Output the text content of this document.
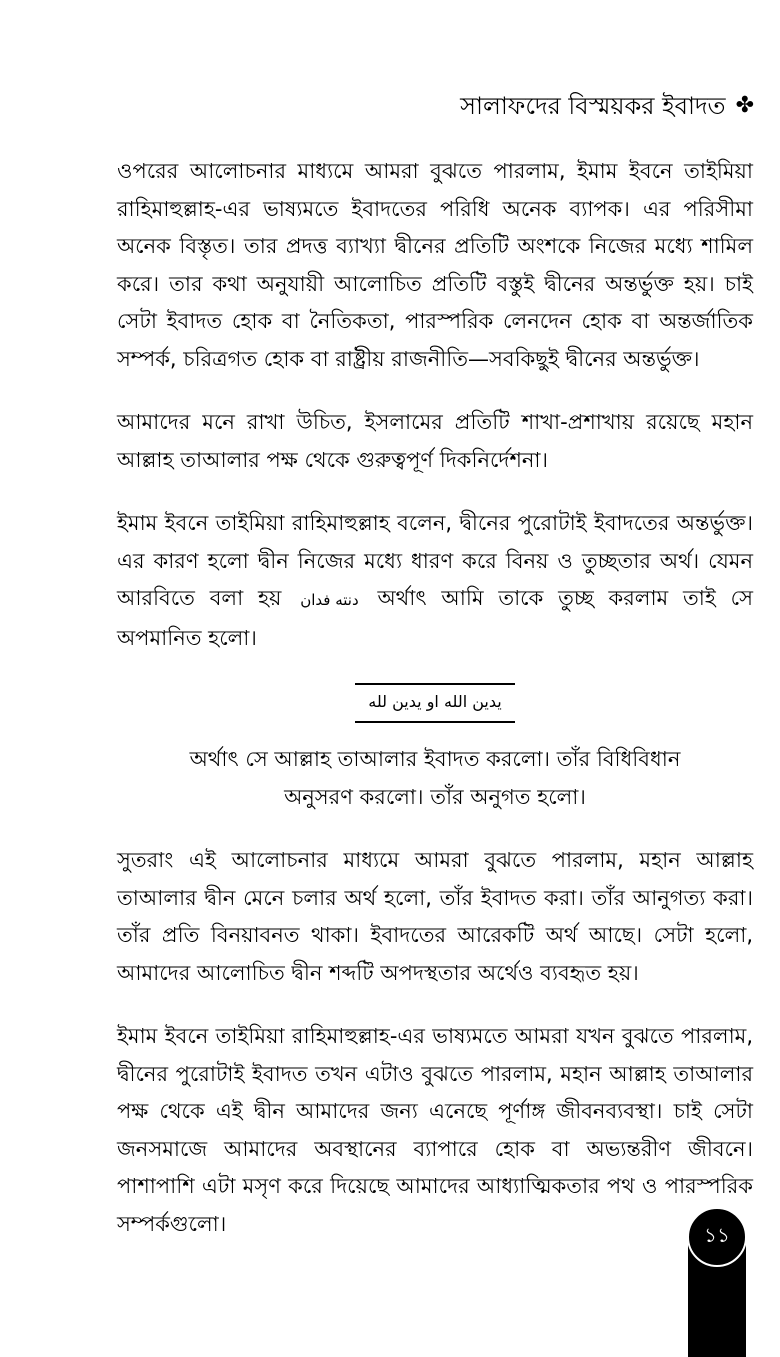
সালাফদের বিস্ময়কর ইবাদত ✤

ওপরের আলোচনার মাধ্যমে আমরা বুঝতে পারলাম, ইমাম ইবনে তাইমিয়া রাহিমাহুল্লাহ-এর ভাষ্যমতে ইবাদতের পরিধি অনেক ব্যাপক। এর পরিসীমা অনেক বিস্তৃত। তার প্রদত্ত ব্যাখ্যা দ্বীনের প্রতিটি অংশকে নিজের মধ্যে শামিল করে। তার কথা অনুযায়ী আলোচিত প্রতিটি বস্তুই দ্বীনের অন্তর্ভুক্ত হয়। চাই সেটা ইবাদত হোক বা নৈতিকতা, পারস্পরিক লেনদেন হোক বা অন্তর্জাতিক সম্পর্ক, চরিত্রগত হোক বা রাষ্ট্রীয় রাজনীতি—সবকিছুই দ্বীনের অন্তর্ভুক্ত।

আমাদের মনে রাখা উচিত, ইসলামের প্রতিটি শাখা-প্রশাখায় রয়েছে মহান আল্লাহ তাআলার পক্ষ থেকে গুরুত্বপূর্ণ দিকনির্দেশনা।

ইমাম ইবনে তাইমিয়া রাহিমাহুল্লাহ বলেন, দ্বীনের পুরোটাই ইবাদতের অন্তর্ভুক্ত। এর কারণ হলো দ্বীন নিজের মধ্যে ধারণ করে বিনয় ও তুচ্ছতার অর্থ। যেমন আরবিতে বলা হয় دنته فدان অর্থাৎ আমি তাকে তুচ্ছ করলাম তাই সে অপমানিত হলো।

يدين الله او يدين لله

অর্থাৎ সে আল্লাহ তাআলার ইবাদত করলো। তাঁর বিধিবিধান
অনুসরণ করলো। তাঁর অনুগত হলো।

সুতরাং এই আলোচনার মাধ্যমে আমরা বুঝতে পারলাম, মহান আল্লাহ তাআলার দ্বীন মেনে চলার অর্থ হলো, তাঁর ইবাদত করা। তাঁর আনুগত্য করা। তাঁর প্রতি বিনয়াবনত থাকা। ইবাদতের আরেকটি অর্থ আছে। সেটা হলো, আমাদের আলোচিত দ্বীন শব্দটি অপদস্থতার অর্থেও ব্যবহৃত হয়।

ইমাম ইবনে তাইমিয়া রাহিমাহুল্লাহ-এর ভাষ্যমতে আমরা যখন বুঝতে পারলাম, দ্বীনের পুরোটাই ইবাদত তখন এটাও বুঝতে পারলাম, মহান আল্লাহ তাআলার পক্ষ থেকে এই দ্বীন আমাদের জন্য এনেছে পূর্ণাঙ্গ জীবনব্যবস্থা। চাই সেটা জনসমাজে আমাদের অবস্থানের ব্যাপারে হোক বা অভ্যন্তরীণ জীবনে। পাশাপাশি এটা মসৃণ করে দিয়েছে আমাদের আধ্যাত্মিকতার পথ ও পারস্পরিক সম্পর্কগুলো।	১১
